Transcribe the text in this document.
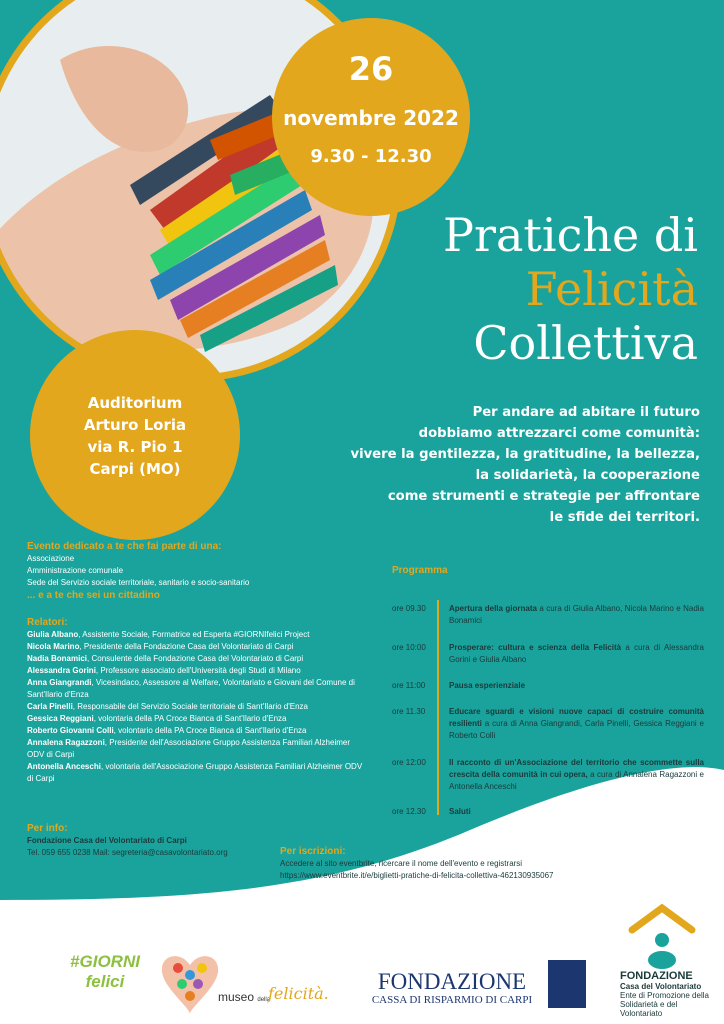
26
novembre 2022
9.30 - 12.30
Auditorium
Arturo Loria
via R. Pio 1
Carpi (MO)
Pratiche di
Felicità
Collettiva
Per andare ad abitare il futuro
dobbiamo attrezzarci come comunità:
vivere la gentilezza, la gratitudine, la bellezza,
la solidarietà, la cooperazione
come strumenti e strategie per affrontare
le sfide dei territori.
Evento dedicato a te che fai parte di una:
Associazione
Amministrazione comunale
Sede del Servizio sociale territoriale, sanitario e socio-sanitario
... e a te che sei un cittadino
Relatori:
Giulia Albano, Assistente Sociale, Formatrice ed Esperta #GIORNIfelici Project
Nicola Marino, Presidente della Fondazione Casa del Volontariato di Carpi
Nadia Bonamici, Consulente della Fondazione Casa del Volontariato di Carpi
Alessandra Gorini, Professore associato dell'Università degli Studi di Milano
Anna Giangrandi, Vicesindaco, Assessore al Welfare, Volontariato e Giovani del Comune di Sant'Ilario d'Enza
Carla Pinelli, Responsabile del Servizio Sociale territoriale di Sant'Ilario d'Enza
Gessica Reggiani, volontaria della PA Croce Bianca di Sant'Ilario d'Enza
Roberto Giovanni Colli, volontario della PA Croce Bianca di Sant'Ilario d'Enza
Annalena Ragazzoni, Presidente dell'Associazione Gruppo Assistenza Familiari Alzheimer ODV di Carpi
Antonella Anceschi, volontaria dell'Associazione Gruppo Assistenza Familiari Alzheimer ODV di Carpi
Per info:
Fondazione Casa del Volontariato di Carpi
Tel. 059 655 0238 Mail: segreteria@casavolontariato.org	Per iscrizioni:
Accedere al sito eventbrite, ricercare il nome dell'evento e registrarsi
https://www.eventbrite.it/e/biglietti-pratiche-di-felicita-collettiva-462130935067
Programma
ore 09.30	Apertura della giornata a cura di Giulia Albano, Nicola Marino e Nadia Bonamici
ore 10:00	Prosperare: cultura e scienza della Felicità a cura di Alessandra Gorini e Giulia Albano
ore 11:00	Pausa esperienziale
ore 11.30	Educare sguardi e visioni nuove capaci di costruire comunità resilienti a cura di Anna Giangrandi, Carla Pinelli, Gessica Reggiani e Roberto Colli
ore 12:00	Il racconto di un'Associazione del territorio che scommette sulla crescita della comunità in cui opera, a cura di Annalena Ragazzoni e Antonella Anceschi
ore 12.30	Saluti
#GIORNI felici
museo della
felicità.	FONDAZIONE
CASSA DI RISPARMIO DI CARPI
FONDAZIONE
Casa del Volontariato
Ente di Promozione della Solidarietà e del Volontariato
